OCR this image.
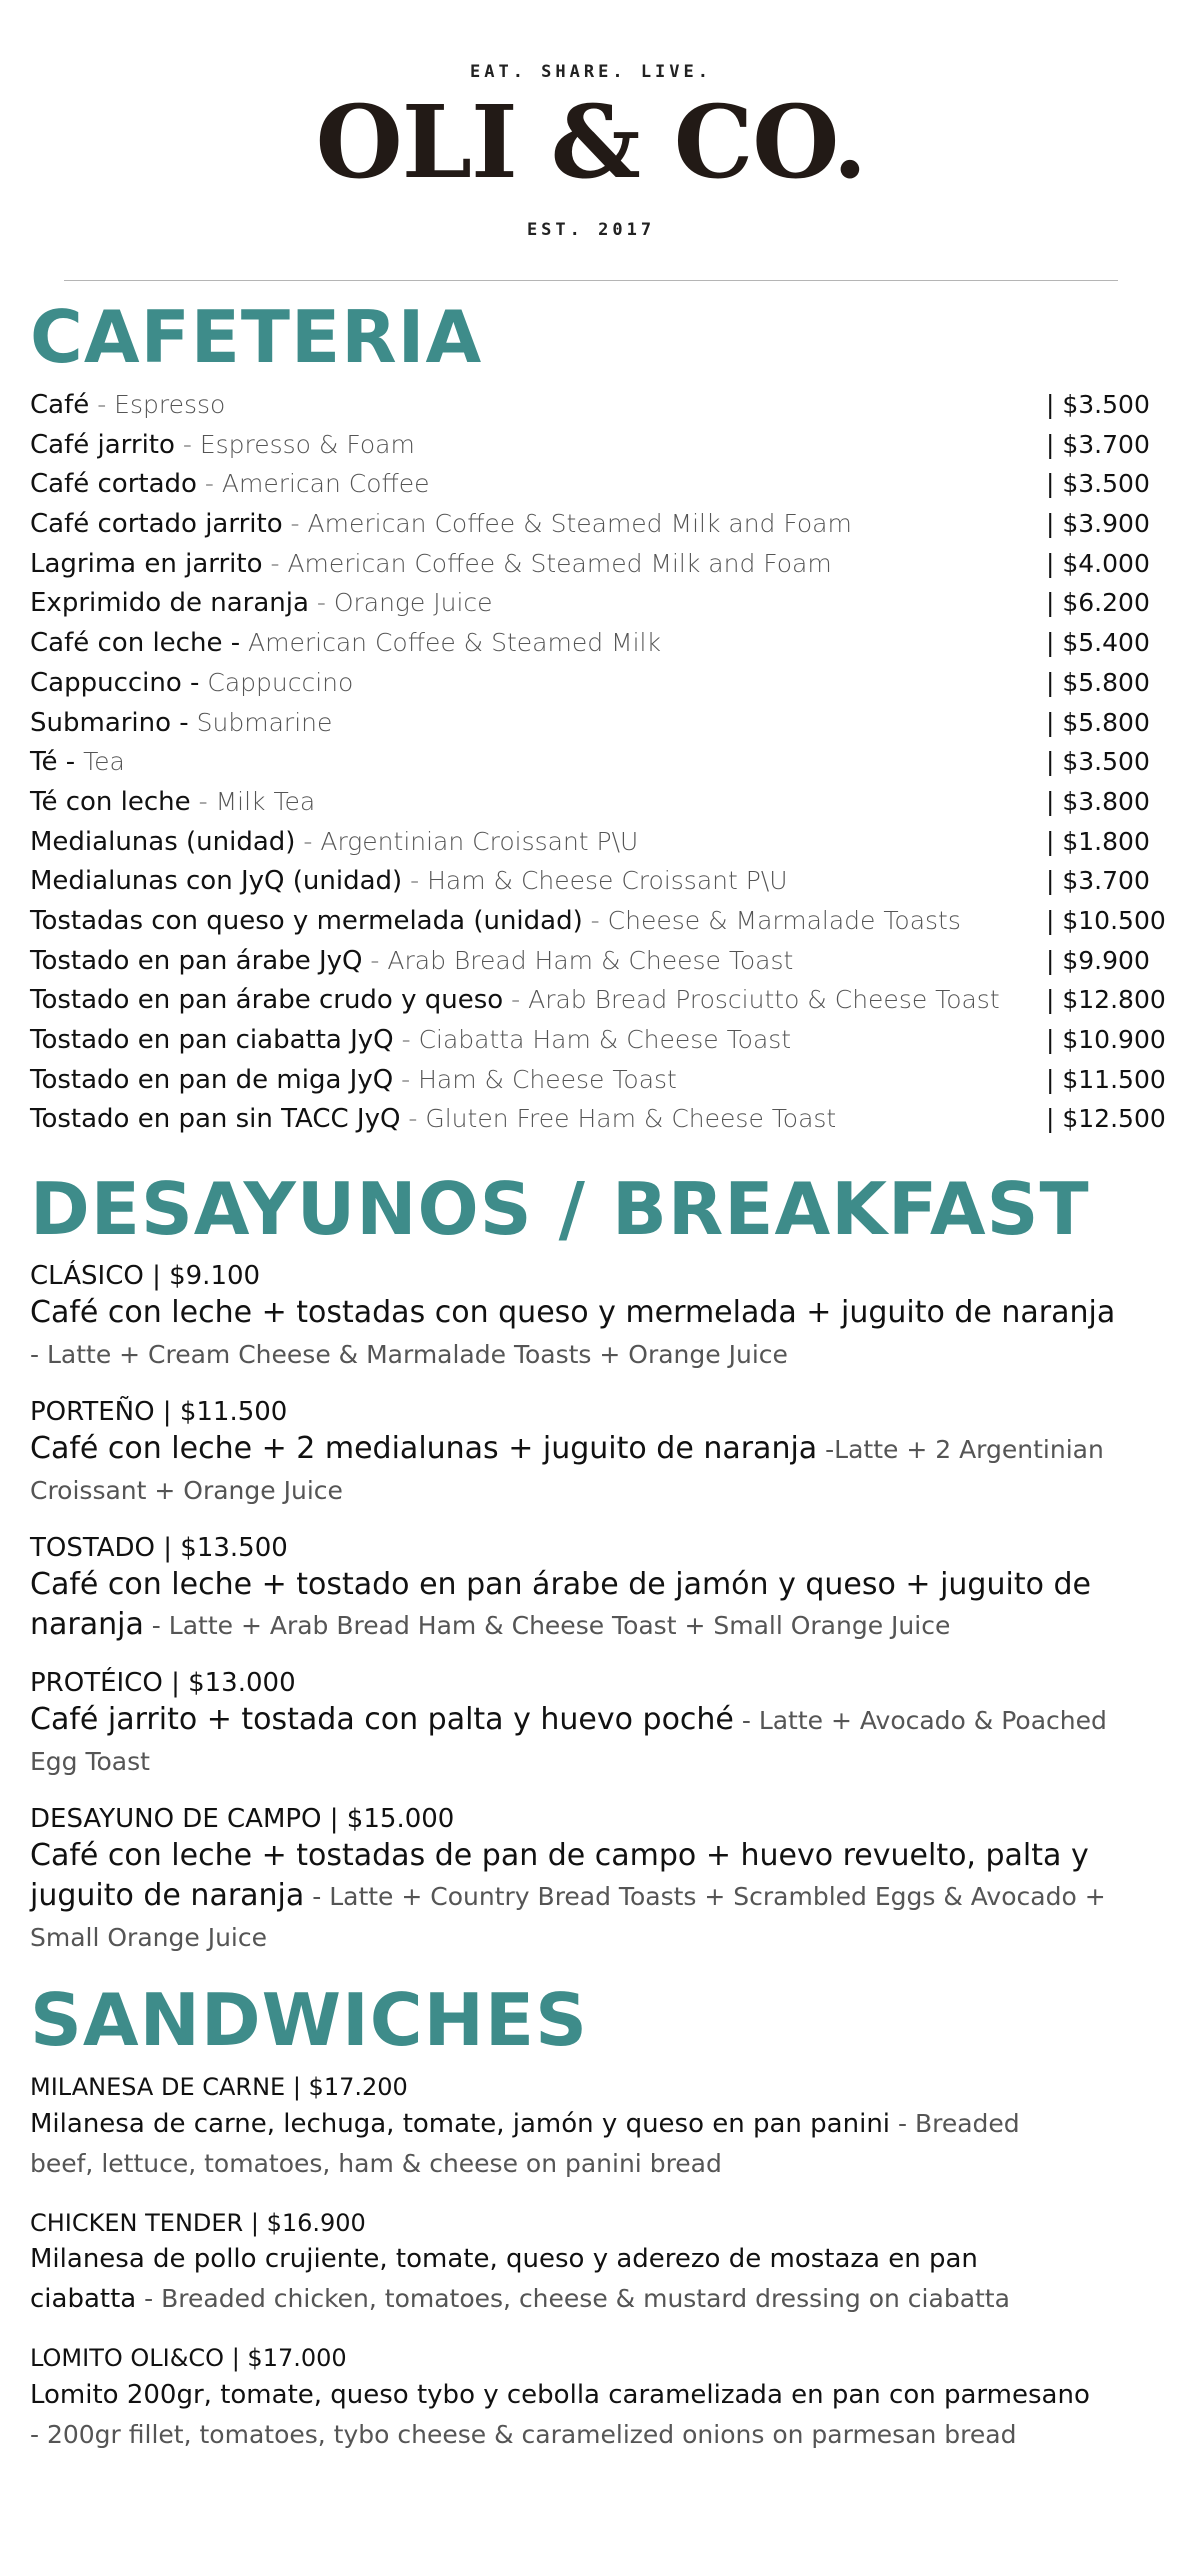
EAT. SHARE. LIVE.
OLI & CO.
EST. 2017
CAFETERIA
Café - Espresso	| $3.500
Café jarrito - Espresso & Foam	| $3.700
Café cortado - American Coffee	| $3.500
Café cortado jarrito - American Coffee & Steamed Milk and Foam	| $3.900
Lagrima en jarrito - American Coffee & Steamed Milk and Foam	| $4.000
Exprimido de naranja - Orange Juice	| $6.200
Café con leche - American Coffee & Steamed Milk	| $5.400
Cappuccino - Cappuccino	| $5.800
Submarino - Submarine	| $5.800
Té - Tea	| $3.500
Té con leche - Milk Tea	| $3.800
Medialunas (unidad) - Argentinian Croissant P\U	| $1.800
Medialunas con JyQ (unidad) - Ham & Cheese Croissant P\U	| $3.700
Tostadas con queso y mermelada (unidad) - Cheese & Marmalade Toasts	| $10.500
Tostado en pan árabe JyQ - Arab Bread Ham & Cheese Toast	| $9.900
Tostado en pan árabe crudo y queso - Arab Bread Prosciutto & Cheese Toast | $12.800
Tostado en pan ciabatta JyQ - Ciabatta Ham & Cheese Toast	| $10.900
Tostado en pan de miga JyQ - Ham & Cheese Toast	| $11.500
Tostado en pan sin TACC JyQ - Gluten Free Ham & Cheese Toast	| $12.500
DESAYUNOS / BREAKFAST
CLÁSICO | $9.100
Café con leche + tostadas con queso y mermelada + juguito de naranja - Latte + Cream Cheese & Marmalade Toasts + Orange Juice
PORTEÑO | $11.500
Café con leche + 2 medialunas + juguito de naranja -Latte + 2 Argentinian Croissant + Orange Juice
TOSTADO | $13.500
Café con leche + tostado en pan árabe de jamón y queso + juguito de naranja - Latte + Arab Bread Ham & Cheese Toast + Small Orange Juice
PROTÉICO | $13.000
Café jarrito + tostada con palta y huevo poché - Latte + Avocado & Poached Egg Toast
DESAYUNO DE CAMPO | $15.000
Café con leche + tostadas de pan de campo + huevo revuelto, palta y juguito de naranja - Latte + Country Bread Toasts + Scrambled Eggs & Avocado + Small Orange Juice
SANDWICHES
MILANESA DE CARNE | $17.200
Milanesa de carne, lechuga, tomate, jamón y queso en pan panini - Breaded beef, lettuce, tomatoes, ham & cheese on panini bread
CHICKEN TENDER | $16.900
Milanesa de pollo crujiente, tomate, queso y aderezo de mostaza en pan ciabatta - Breaded chicken, tomatoes, cheese & mustard dressing on ciabatta
LOMITO OLI&CO | $17.000
Lomito 200gr, tomate, queso tybo y cebolla caramelizada en pan con parmesano - 200gr fillet, tomatoes, tybo cheese & caramelized onions on parmesan bread
